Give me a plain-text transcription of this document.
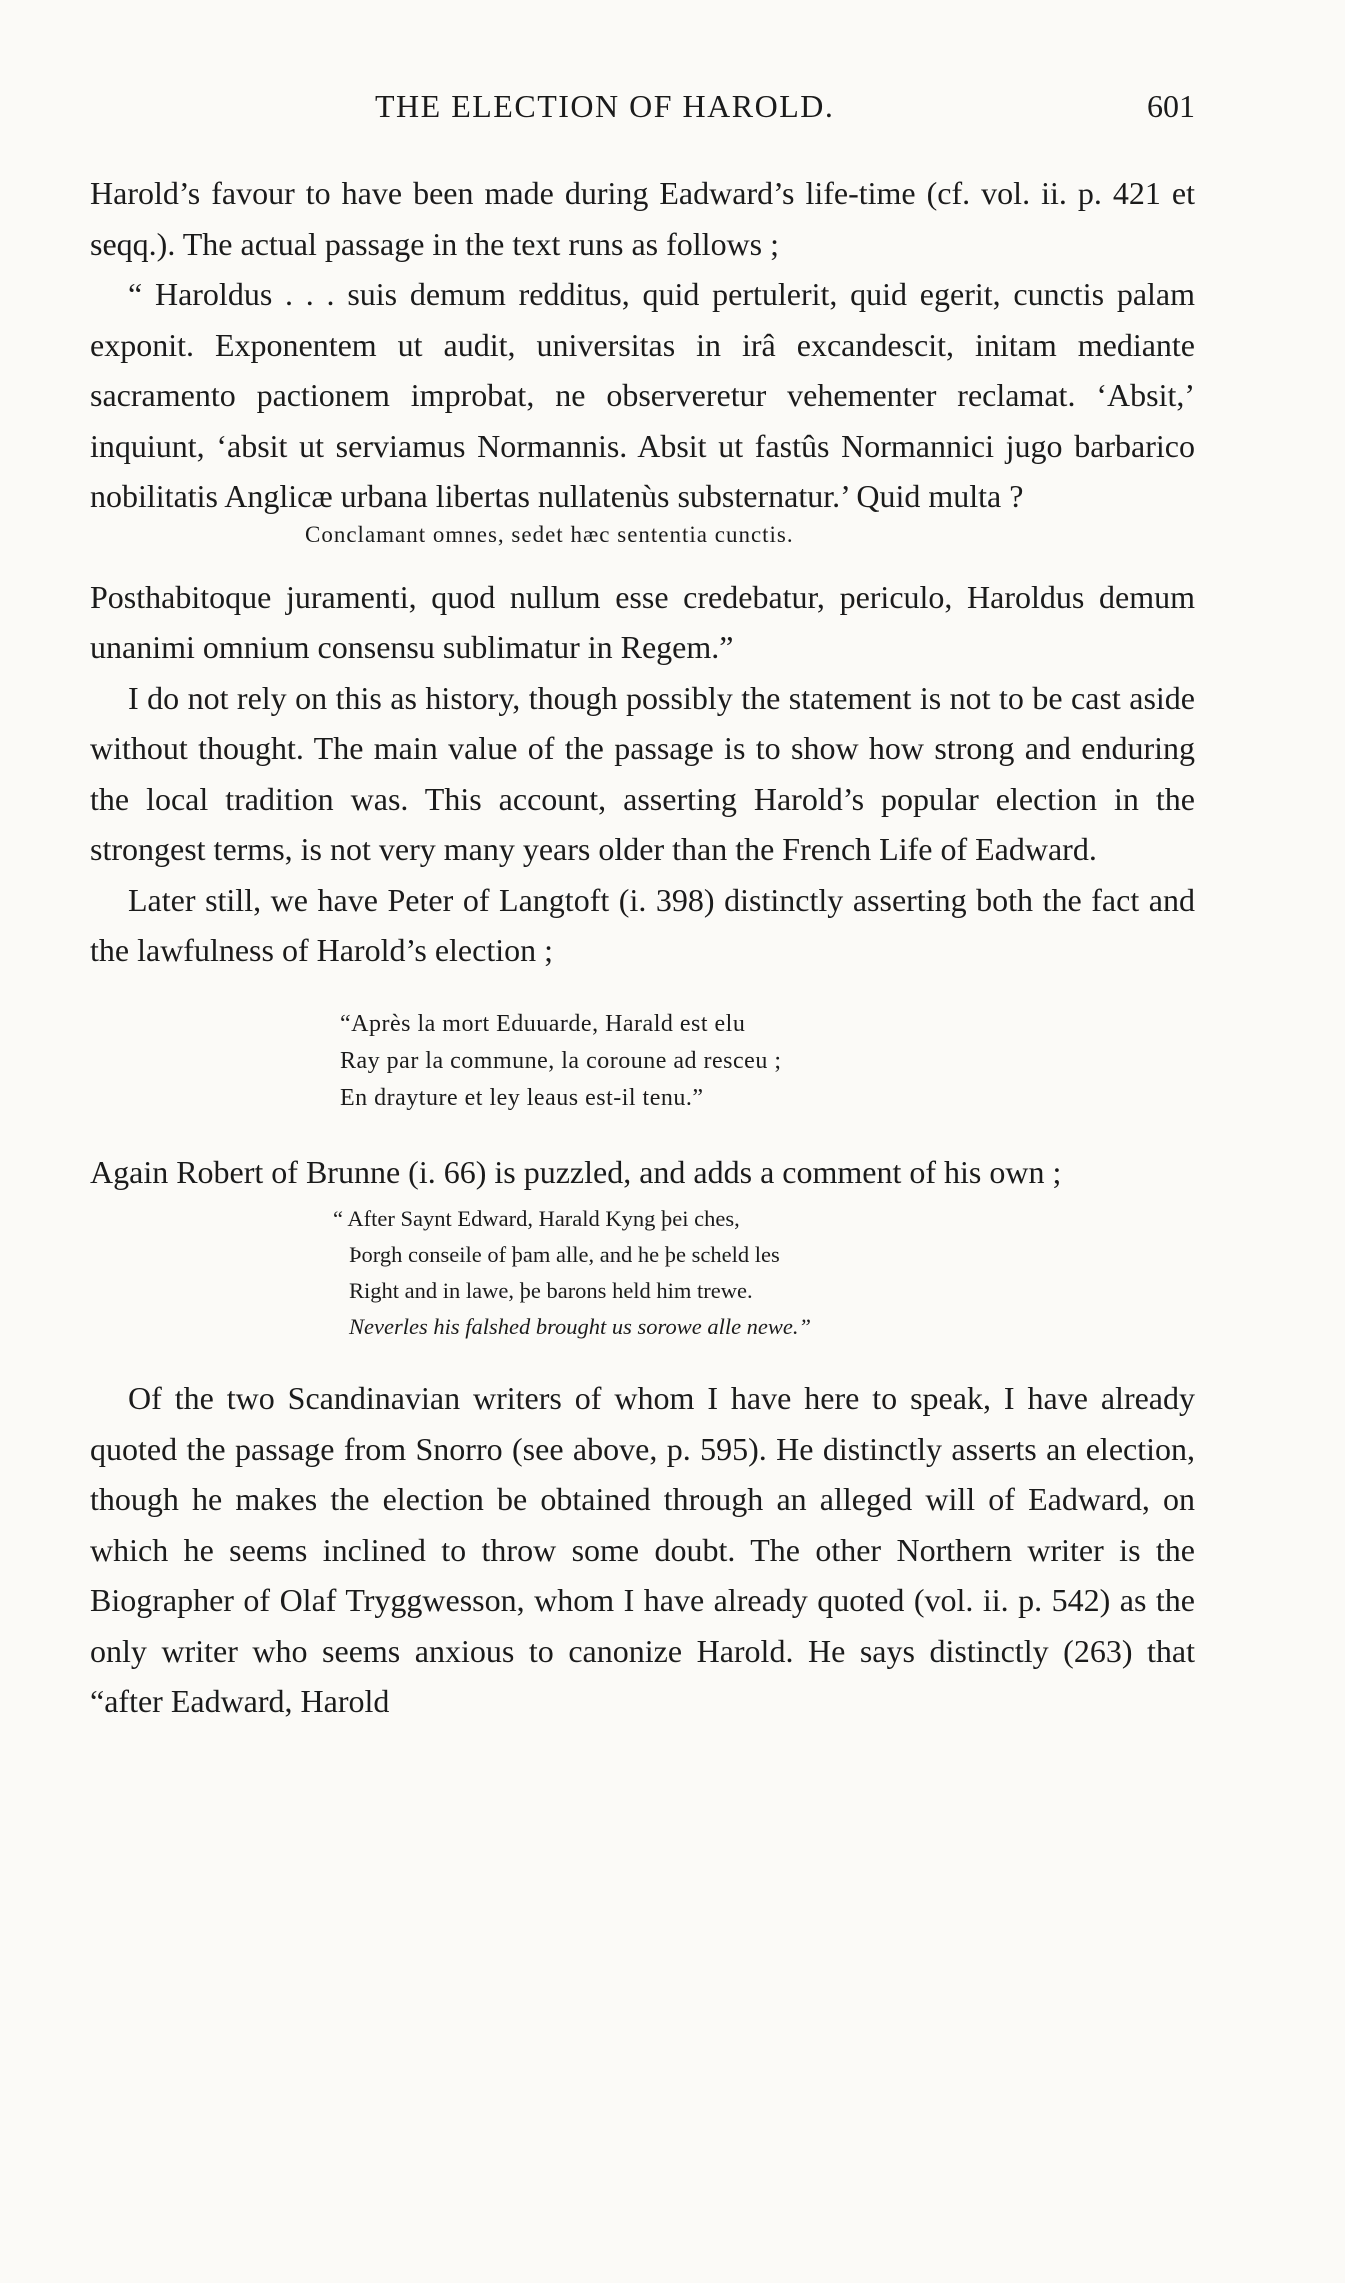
THE ELECTION OF HAROLD.	601

Harold’s favour to have been made during Eadward’s life-time (cf. vol. ii. p. 421 et seqq.). The actual passage in the text runs as follows ;

“ Haroldus . . . suis demum redditus, quid pertulerit, quid egerit, cunctis palam exponit. Exponentem ut audit, universitas in irâ excandescit, initam mediante sacramento pactionem improbat, ne observeretur vehementer reclamat. ‘Absit,’ inquiunt, ‘absit ut serviamus Normannis. Absit ut fastûs Normannici jugo barbarico nobilitatis Anglicæ urbana libertas nullatenùs substernatur.’ Quid multa ?

Conclamant omnes, sedet hæc sententia cunctis.

Posthabitoque juramenti, quod nullum esse credebatur, periculo, Haroldus demum unanimi omnium consensu sublimatur in Regem.”

I do not rely on this as history, though possibly the statement is not to be cast aside without thought. The main value of the passage is to show how strong and enduring the local tradition was. This account, asserting Harold’s popular election in the strongest terms, is not very many years older than the French Life of Eadward.

Later still, we have Peter of Langtoft (i. 398) distinctly asserting both the fact and the lawfulness of Harold’s election ;

“Aprѐs la mort Eduuarde, Harald est elu
Ray par la commune, la coroune ad resceu ;
En drayture et ley leaus est-il tenu.”

Again Robert of Brunne (i. 66) is puzzled, and adds a comment of his own ;

“ After Saynt Edward, Harald Kyng þei ches,
Þorgh conseile of þam alle, and he þe scheld les
Right and in lawe, þe barons held him trewe.
Neverles his falshed brought us sorowe alle newe.”

Of the two Scandinavian writers of whom I have here to speak, I have already quoted the passage from Snorro (see above, p. 595). He distinctly asserts an election, though he makes the election be obtained through an alleged will of Eadward, on which he seems inclined to throw some doubt. The other Northern writer is the Biographer of Olaf Tryggwesson, whom I have already quoted (vol. ii. p. 542) as the only writer who seems anxious to canonize Harold. He says distinctly (263) that “after Eadward, Harold
